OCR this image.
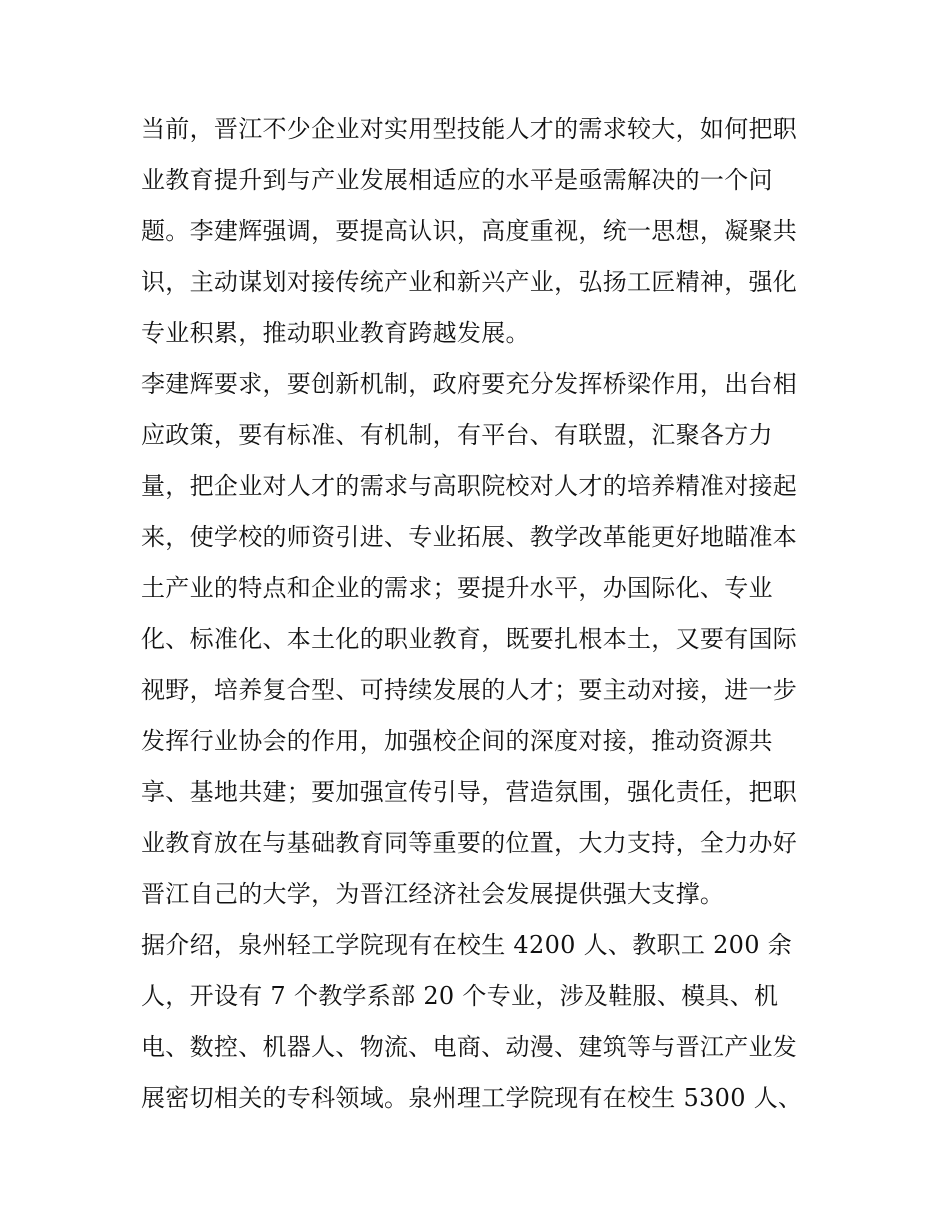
当前，晋江不少企业对实用型技能人才的需求较大，如何把职
业教育提升到与产业发展相适应的水平是亟需解决的一个问
题。李建辉强调，要提高认识，高度重视，统一思想，凝聚共
识，主动谋划对接传统产业和新兴产业，弘扬工匠精神，强化
专业积累，推动职业教育跨越发展。
李建辉要求，要创新机制，政府要充分发挥桥梁作用，出台相
应政策，要有标准、有机制，有平台、有联盟，汇聚各方力
量，把企业对人才的需求与高职院校对人才的培养精准对接起
来，使学校的师资引进、专业拓展、教学改革能更好地瞄准本
土产业的特点和企业的需求；要提升水平，办国际化、专业
化、标准化、本土化的职业教育，既要扎根本土，又要有国际
视野，培养复合型、可持续发展的人才；要主动对接，进一步
发挥行业协会的作用，加强校企间的深度对接，推动资源共
享、基地共建；要加强宣传引导，营造氛围，强化责任，把职
业教育放在与基础教育同等重要的位置，大力支持，全力办好
晋江自己的大学，为晋江经济社会发展提供强大支撑。
据介绍，泉州轻工学院现有在校生 4200 人、教职工 200 余
人，开设有 7 个教学系部 20 个专业，涉及鞋服、模具、机
电、数控、机器人、物流、电商、动漫、建筑等与晋江产业发
展密切相关的专科领域。泉州理工学院现有在校生 5300 人、
